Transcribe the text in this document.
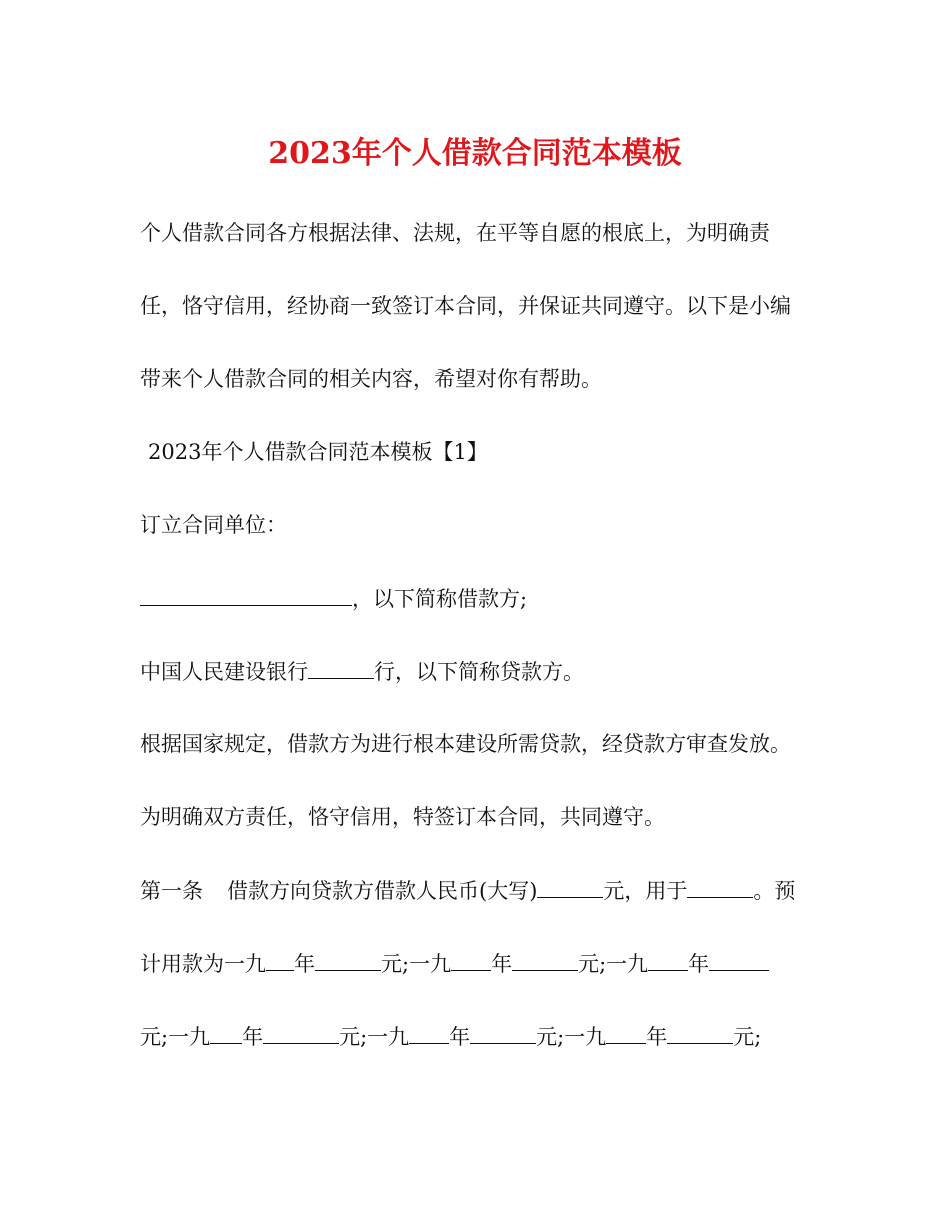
2023年个人借款合同范本模板
个人借款合同各方根据法律、法规，在平等自愿的根底上，为明确责
任，恪守信用，经协商一致签订本合同，并保证共同遵守。以下是小编
带来个人借款合同的相关内容，希望对你有帮助。
2023年个人借款合同范本模板【1】
订立合同单位：
，以下简称借款方;
中国人民建设银行	行，以下简称贷款方。
根据国家规定，借款方为进行根本建设所需贷款，经贷款方审查发放。
为明确双方责任，恪守信用，特签订本合同，共同遵守。
第一条 借款方向贷款方借款人民币(大写)	元，用于	。预
计用款为一九 年	元;一九 年	元;一九 年
元;一九 年	元;一九 年	元;一九 年	元;
